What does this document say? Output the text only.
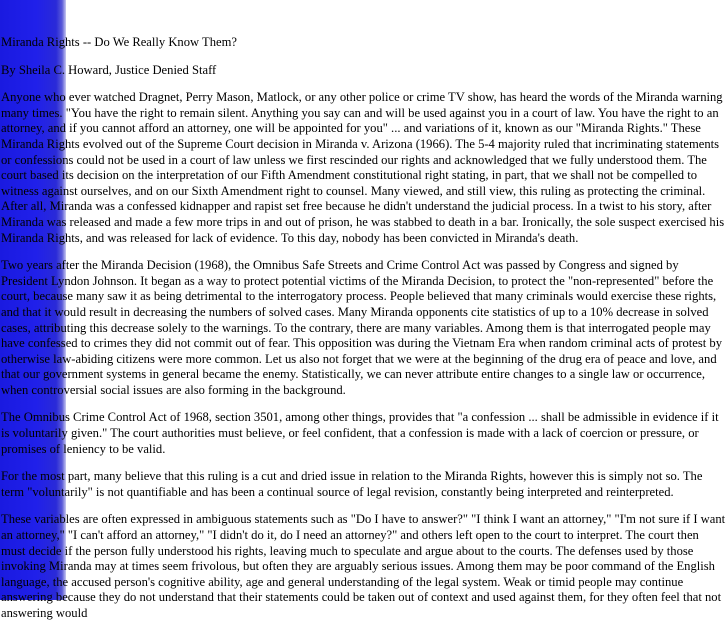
Miranda Rights -- Do We Really Know Them?

By Sheila C. Howard, Justice Denied Staff

Anyone who ever watched Dragnet, Perry Mason, Matlock, or any other police or crime TV show, has heard the words of the Miranda warning many times. "You have the right to remain silent. Anything you say can and will be used against you in a court of law. You have the right to an attorney, and if you cannot afford an attorney, one will be appointed for you" ... and variations of it, known as our "Miranda Rights." These Miranda Rights evolved out of the Supreme Court decision in Miranda v. Arizona (1966). The 5-4 majority ruled that incriminating statements or confessions could not be used in a court of law unless we first rescinded our rights and acknowledged that we fully understood them. The court based its decision on the interpretation of our Fifth Amendment constitutional right stating, in part, that we shall not be compelled to witness against ourselves, and on our Sixth Amendment right to counsel. Many viewed, and still view, this ruling as protecting the criminal. After all, Miranda was a confessed kidnapper and rapist set free because he didn't understand the judicial process. In a twist to his story, after Miranda was released and made a few more trips in and out of prison, he was stabbed to death in a bar. Ironically, the sole suspect exercised his Miranda Rights, and was released for lack of evidence. To this day, nobody has been convicted in Miranda's death.

Two years after the Miranda Decision (1968), the Omnibus Safe Streets and Crime Control Act was passed by Congress and signed by President Lyndon Johnson. It began as a way to protect potential victims of the Miranda Decision, to protect the "non-represented" before the court, because many saw it as being detrimental to the interrogatory process. People believed that many criminals would exercise these rights, and that it would result in decreasing the numbers of solved cases. Many Miranda opponents cite statistics of up to a 10% decrease in solved cases, attributing this decrease solely to the warnings. To the contrary, there are many variables. Among them is that interrogated people may have confessed to crimes they did not commit out of fear. This opposition was during the Vietnam Era when random criminal acts of protest by otherwise law-abiding citizens were more common. Let us also not forget that we were at the beginning of the drug era of peace and love, and that our government systems in general became the enemy. Statistically, we can never attribute entire changes to a single law or occurrence, when controversial social issues are also forming in the background.

The Omnibus Crime Control Act of 1968, section 3501, among other things, provides that "a confession ... shall be admissible in evidence if it is voluntarily given." The court authorities must believe, or feel confident, that a confession is made with a lack of coercion or pressure, or promises of leniency to be valid.

For the most part, many believe that this ruling is a cut and dried issue in relation to the Miranda Rights, however this is simply not so. The term "voluntarily" is not quantifiable and has been a continual source of legal revision, constantly being interpreted and reinterpreted.

These variables are often expressed in ambiguous statements such as "Do I have to answer?" "I think I want an attorney," "I'm not sure if I want an attorney," "I can't afford an attorney," "I didn't do it, do I need an attorney?" and others left open to the court to interpret. The court then must decide if the person fully understood his rights, leaving much to speculate and argue about to the courts. The defenses used by those invoking Miranda may at times seem frivolous, but often they are arguably serious issues. Among them may be poor command of the English language, the accused person's cognitive ability, age and general understanding of the legal system. Weak or timid people may continue answering because they do not understand that their statements could be taken out of context and used against them, for they often feel that not answering would
